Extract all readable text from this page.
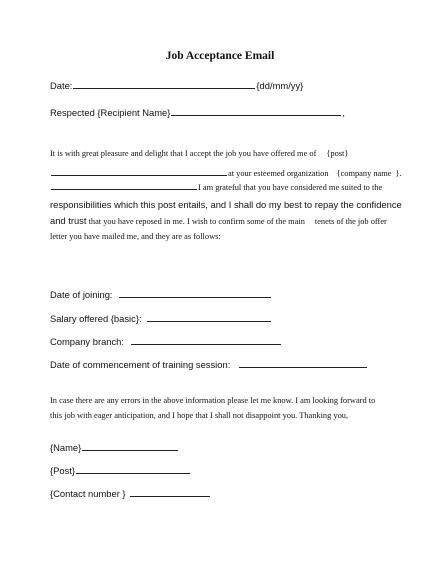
Job Acceptance Email
Date:	{dd/mm/yy}
Respected {Recipient Name}	,
It is with great pleasure and delight that I accept the job you have offered me of {post}
at your esteemed organization {company name }.
I am grateful that you have considered me suited to the
responsibilities which this post entails, and I shall do my best to repay the confidence
and trust that you have reposed in me. I wish to confirm some of the main tenets of the job offer
letter you have mailed me, and they are as follows:
Date of joining:
Salary offered {basic}:
Company branch:
Date of commencement of training session:
In case there are any errors in the above information please let me know. I am looking forward to
this job with eager anticipation, and I hope that I shall not disappoint you. Thanking you,
{Name}
{Post}
{Contact number }
